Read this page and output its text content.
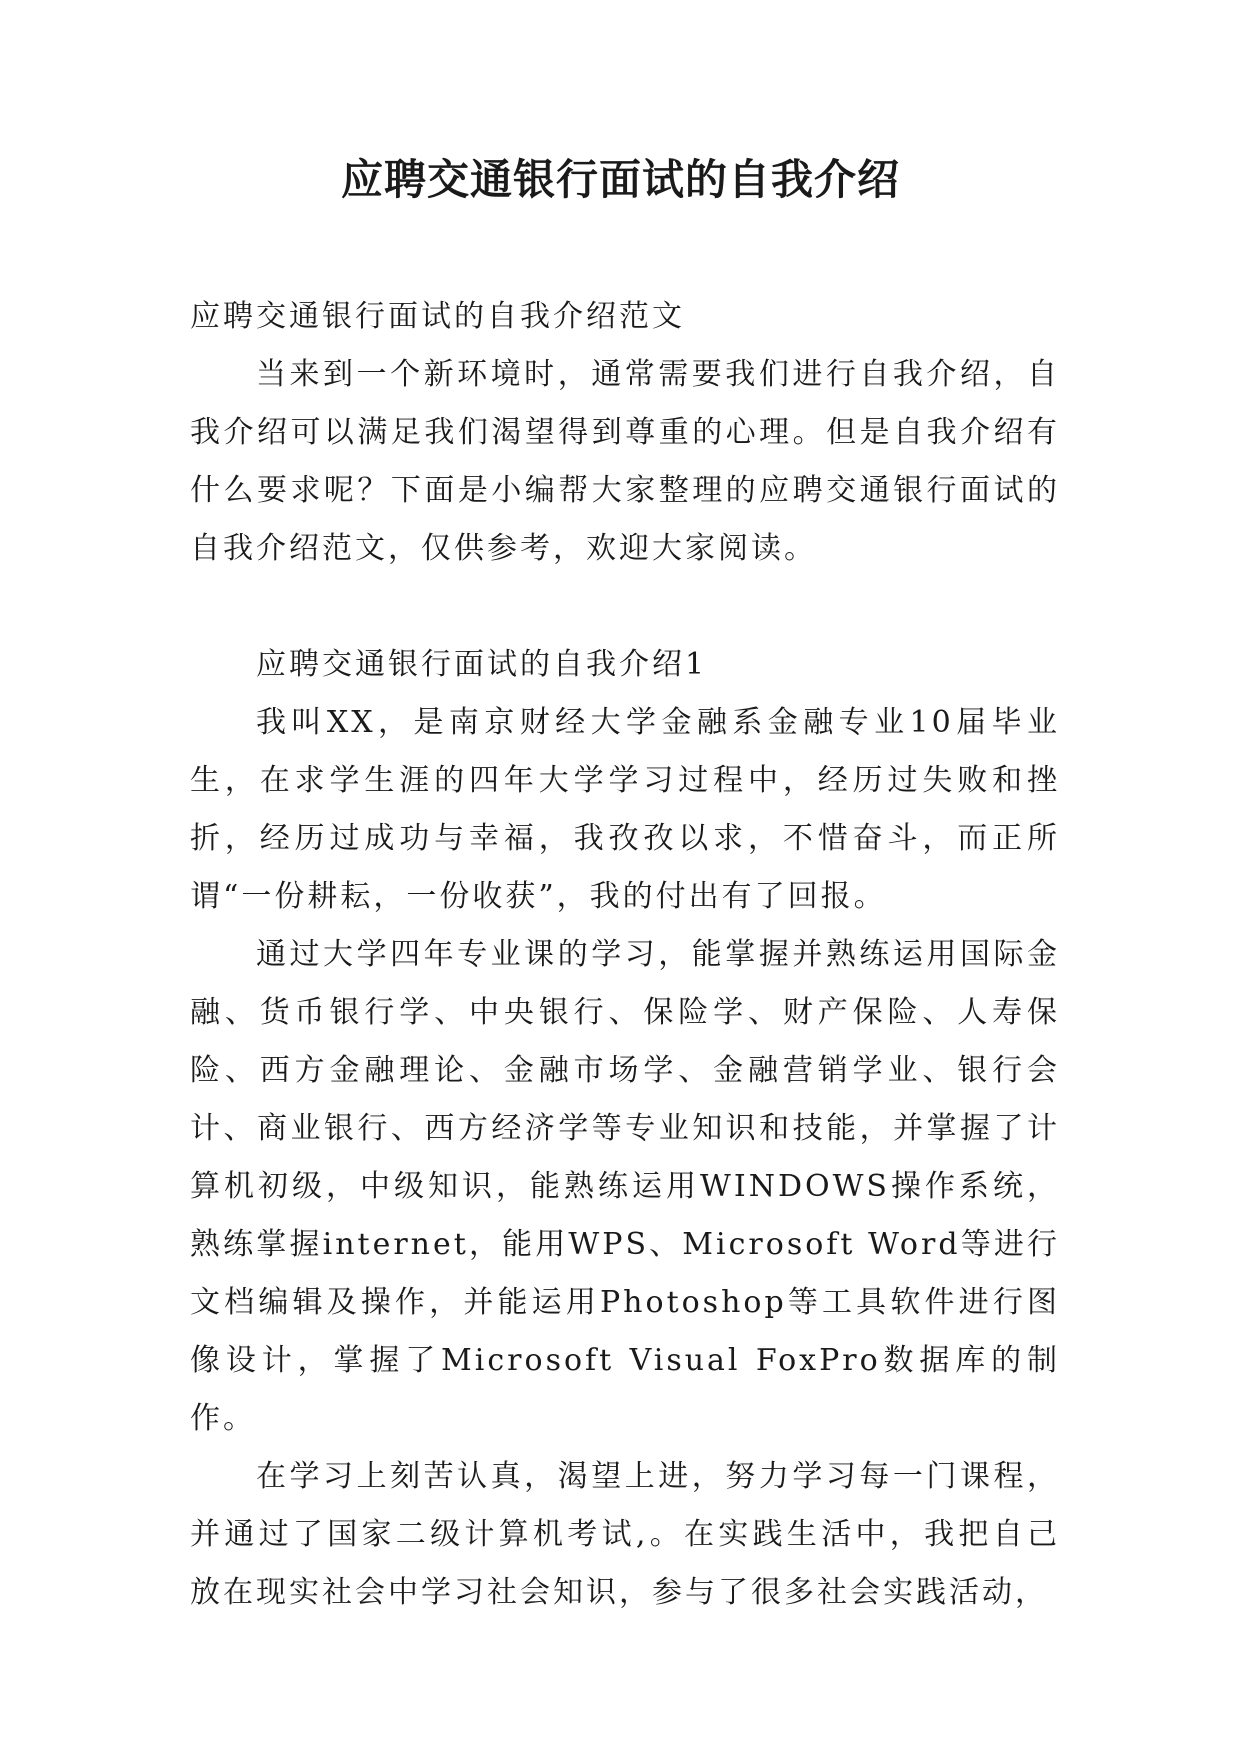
应聘交通银行面试的自我介绍

应聘交通银行面试的自我介绍范文

当来到一个新环境时，通常需要我们进行自我介绍，自我介绍可以满足我们渴望得到尊重的心理。但是自我介绍有什么要求呢？下面是小编帮大家整理的应聘交通银行面试的自我介绍范文，仅供参考，欢迎大家阅读。

应聘交通银行面试的自我介绍1

我叫XX，是南京财经大学金融系金融专业10届毕业生，在求学生涯的四年大学学习过程中，经历过失败和挫折，经历过成功与幸福，我孜孜以求，不惜奋斗，而正所谓“一份耕耘，一份收获”，我的付出有了回报。

通过大学四年专业课的学习，能掌握并熟练运用国际金融、货币银行学、中央银行、保险学、财产保险、人寿保险、西方金融理论、金融市场学、金融营销学业、银行会计、商业银行、西方经济学等专业知识和技能，并掌握了计算机初级，中级知识，能熟练运用WINDOWS操作系统，熟练掌握internet，能用WPS、Microsoft Word等进行文档编辑及操作，并能运用Photoshop等工具软件进行图像设计，掌握了Microsoft Visual FoxPro数据库的制作。

在学习上刻苦认真，渴望上进，努力学习每一门课程，并通过了国家二级计算机考试,。在实践生活中，我把自己放在现实社会中学习社会知识，参与了很多社会实践活动，
